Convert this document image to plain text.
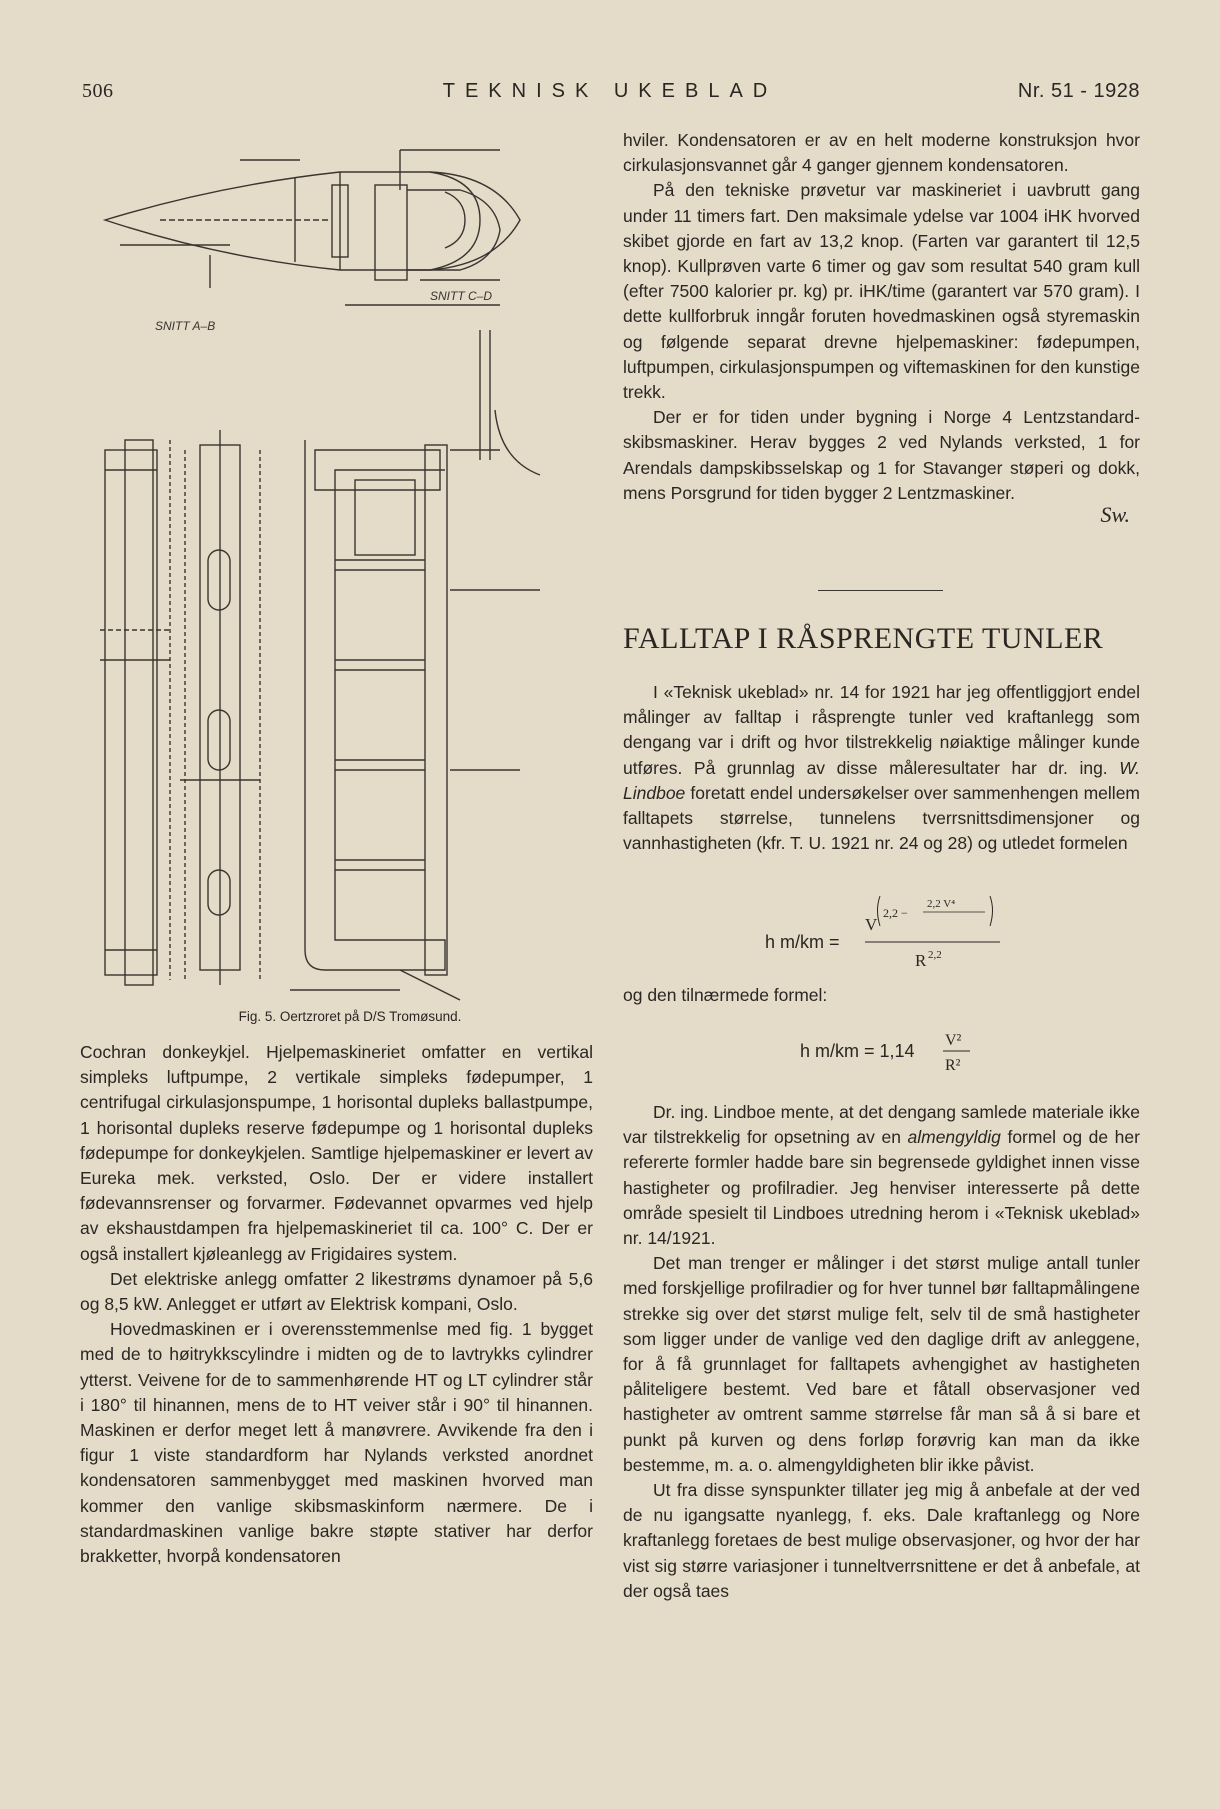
506	TEKNISK UKEBLAD	Nr. 51 - 1928
SNITT A–B
SNITT C–D
Fig. 5. Oertzroret på D/S Tromøsund.

Cochran donkeykjel. Hjelpemaskineriet omfatter en vertikal simpleks luftpumpe, 2 vertikale simpleks fødepumper, 1 centrifugal cirkulasjonspumpe, 1 horisontal dupleks ballastpumpe, 1 horisontal dupleks reserve fødepumpe og 1 horisontal dupleks fødepumpe for donkeykjelen. Samtlige hjelpemaskiner er levert av Eureka mek. verksted, Oslo. Der er videre installert fødevannsrenser og forvarmer. Fødevannet opvarmes ved hjelp av ekshaustdampen fra hjelpemaskineriet til ca. 100° C. Der er også installert kjøleanlegg av Frigidaires system.

Det elektriske anlegg omfatter 2 likestrøms dynamoer på 5,6 og 8,5 kW. Anlegget er utført av Elektrisk kompani, Oslo.

Hovedmaskinen er i overensstemmenlse med fig. 1 bygget med de to høitrykkscylindre i midten og de to lavtrykks cylindrer ytterst. Veivene for de to sammenhørende HT og LT cylindrer står i 180° til hinannen, mens de to HT veiver står i 90° til hinannen. Maskinen er derfor meget lett å manøvrere. Avvikende fra den i figur 1 viste standardform har Nylands verksted anordnet kondensatoren sammenbygget med maskinen hvorved man kommer den vanlige skibsmaskinform nærmere. De i standardmaskinen vanlige bakre støpte stativer har derfor brakketter, hvorpå kondensatoren

hviler. Kondensatoren er av en helt moderne konstruksjon hvor cirkulasjonsvannet går 4 ganger gjennem kondensatoren.

På den tekniske prøvetur var maskineriet i uavbrutt gang under 11 timers fart. Den maksimale ydelse var 1004 iHK hvorved skibet gjorde en fart av 13,2 knop. (Farten var garantert til 12,5 knop). Kullprøven varte 6 timer og gav som resultat 540 gram kull (efter 7500 kalorier pr. kg) pr. iHK/time (garantert var 570 gram). I dette kullforbruk inngår foruten hovedmaskinen også styremaskin og følgende separat drevne hjelpemaskiner: fødepumpen, luftpumpen, cirkulasjonspumpen og viftemaskinen for den kunstige trekk.

Der er for tiden under bygning i Norge 4 Lentzstandard-skibsmaskiner. Herav bygges 2 ved Nylands verksted, 1 for Arendals dampskibsselskap og 1 for Stavanger støperi og dokk, mens Porsgrund for tiden bygger 2 Lentzmaskiner.

Sw.
FALLTAP I RÅSPRENGTE TUNLER

I «Teknisk ukeblad» nr. 14 for 1921 har jeg offentliggjort endel målinger av falltap i råsprengte tunler ved kraftanlegg som dengang var i drift og hvor tilstrekkelig nøiaktige målinger kunde utføres. På grunnlag av disse måleresultater har dr. ing. W. Lindboe foretatt endel undersøkelser over sammenhengen mellem falltapets størrelse, tunnelens tverrsnittsdimensjoner og vannhastigheten (kfr. T. U. 1921 nr. 24 og 28) og utledet formelen

h m/km =
V
2,2 −
2,2 V⁴
R 2,2
og den tilnærmede formel:
h m/km = 1,14
V²
R²

Dr. ing. Lindboe mente, at det dengang samlede materiale ikke var tilstrekkelig for opsetning av en almengyldig formel og de her refererte formler hadde bare sin begrensede gyldighet innen visse hastigheter og profilradier. Jeg henviser interesserte på dette område spesielt til Lindboes utredning herom i «Teknisk ukeblad» nr. 14/1921.

Det man trenger er målinger i det størst mulige antall tunler med forskjellige profilradier og for hver tunnel bør falltapmålingene strekke sig over det størst mulige felt, selv til de små hastigheter som ligger under de vanlige ved den daglige drift av anleggene, for å få grunnlaget for falltapets avhengighet av hastigheten påliteligere bestemt. Ved bare et fåtall observasjoner ved hastigheter av omtrent samme størrelse får man så å si bare et punkt på kurven og dens forløp forøvrig kan man da ikke bestemme, m. a. o. almengyldigheten blir ikke påvist.

Ut fra disse synspunkter tillater jeg mig å anbefale at der ved de nu igangsatte nyanlegg, f. eks. Dale kraftanlegg og Nore kraftanlegg foretaes de best mulige observasjoner, og hvor der har vist sig større variasjoner i tunneltverrsnittene er det å anbefale, at der også taes
